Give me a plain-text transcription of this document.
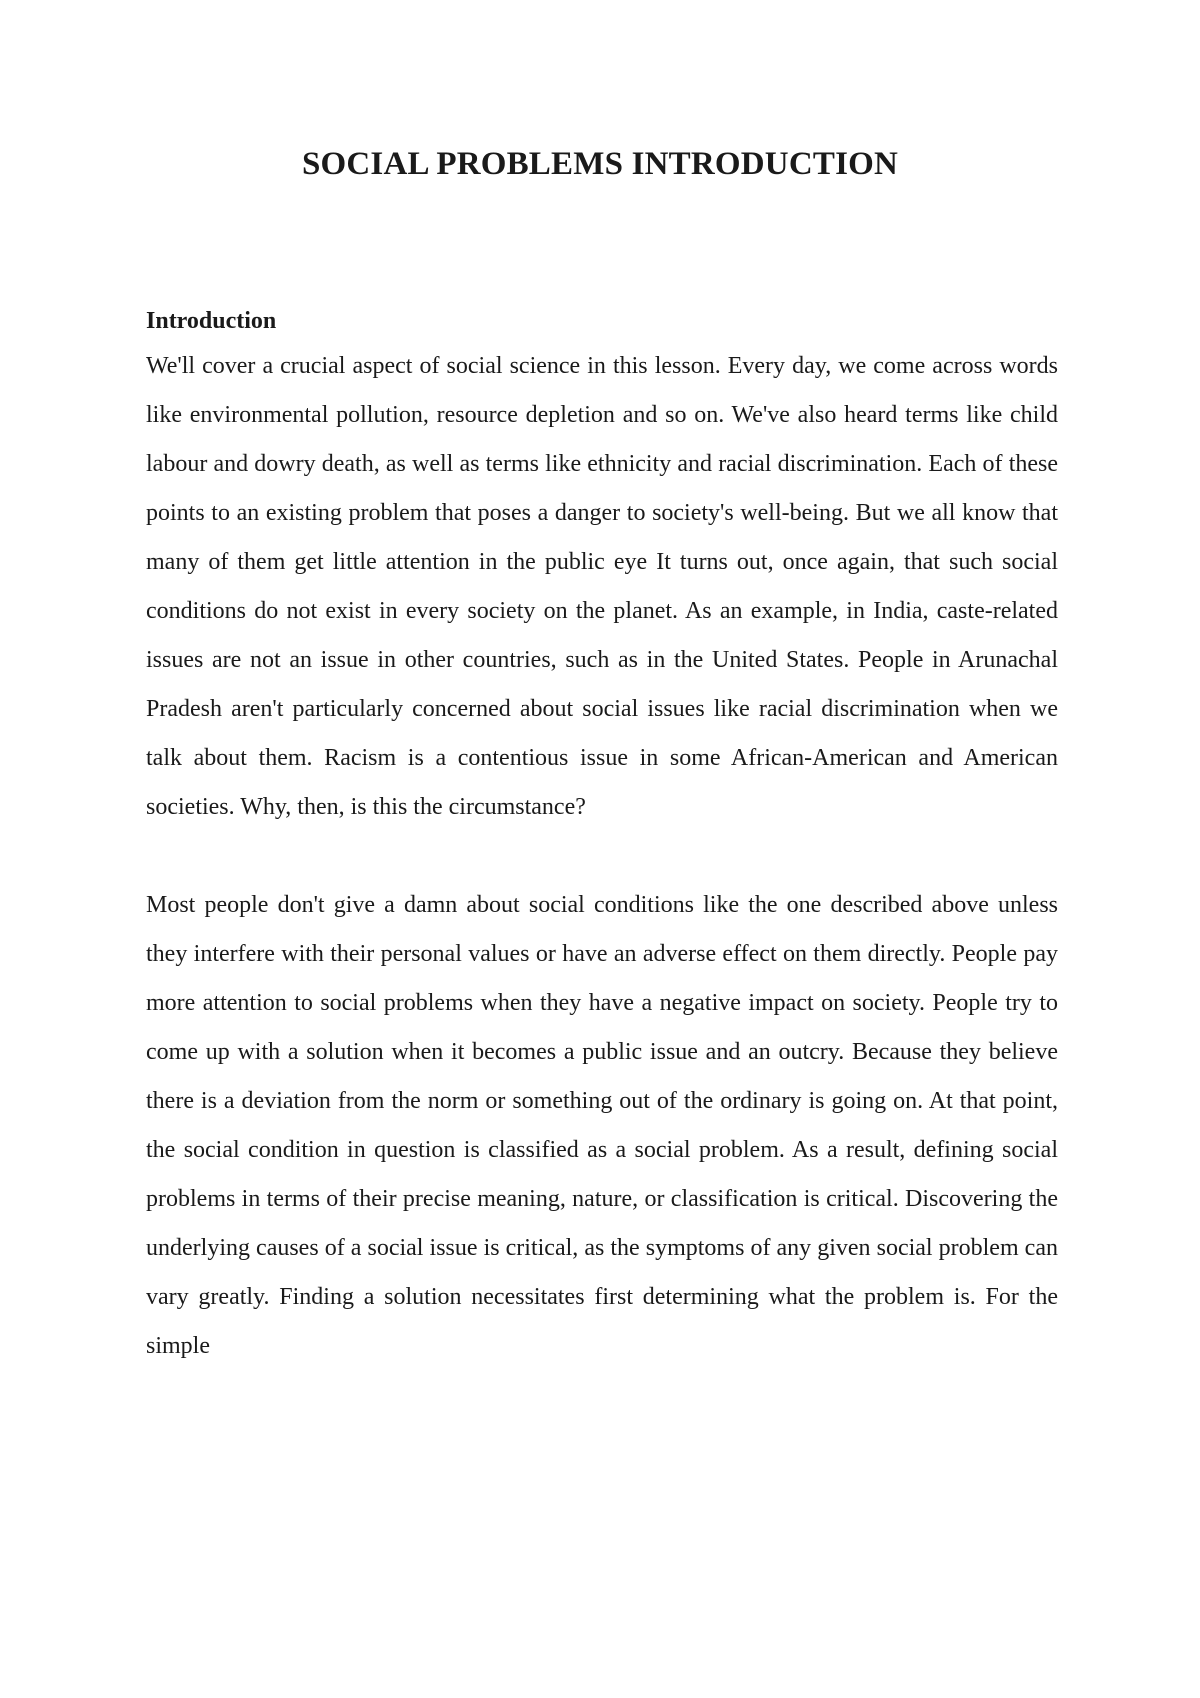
SOCIAL PROBLEMS INTRODUCTION
Introduction

We'll cover a crucial aspect of social science in this lesson. Every day, we come across words like environmental pollution, resource depletion and so on. We've also heard terms like child labour and dowry death, as well as terms like ethnicity and racial discrimination. Each of these points to an existing problem that poses a danger to society's well-being. But we all know that many of them get little attention in the public eye It turns out, once again, that such social conditions do not exist in every society on the planet. As an example, in India, caste-related issues are not an issue in other countries, such as in the United States. People in Arunachal Pradesh aren't particularly concerned about social issues like racial discrimination when we talk about them. Racism is a contentious issue in some African-American and American societies. Why, then, is this the circumstance?

Most people don't give a damn about social conditions like the one described above unless they interfere with their personal values or have an adverse effect on them directly. People pay more attention to social problems when they have a negative impact on society. People try to come up with a solution when it becomes a public issue and an outcry. Because they believe there is a deviation from the norm or something out of the ordinary is going on. At that point, the social condition in question is classified as a social problem. As a result, defining social problems in terms of their precise meaning, nature, or classification is critical. Discovering the underlying causes of a social issue is critical, as the symptoms of any given social problem can vary greatly. Finding a solution necessitates first determining what the problem is. For the simple
